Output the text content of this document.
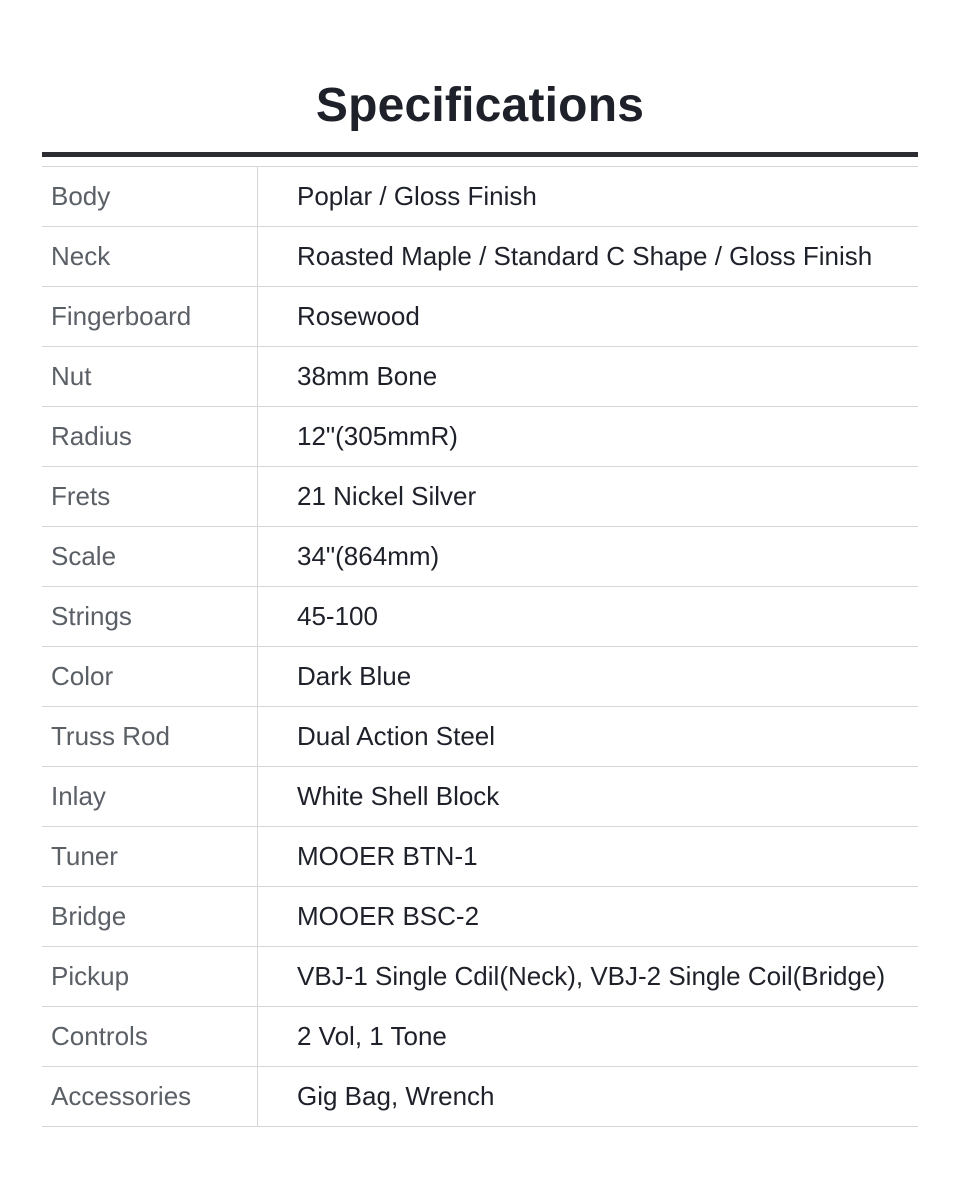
Specifications
Body	Poplar / Gloss Finish
Neck	Roasted Maple / Standard C Shape / Gloss Finish
Fingerboard	Rosewood
Nut	38mm Bone
Radius	12"(305mmR)
Frets	21 Nickel Silver
Scale	34"(864mm)
Strings	45-100
Color	Dark Blue
Truss Rod	Dual Action Steel
Inlay	White Shell Block
Tuner	MOOER BTN-1
Bridge	MOOER BSC-2
Pickup	VBJ-1 Single Cdil(Neck), VBJ-2 Single Coil(Bridge)
Controls	2 Vol, 1 Tone
Accessories	Gig Bag, Wrench
